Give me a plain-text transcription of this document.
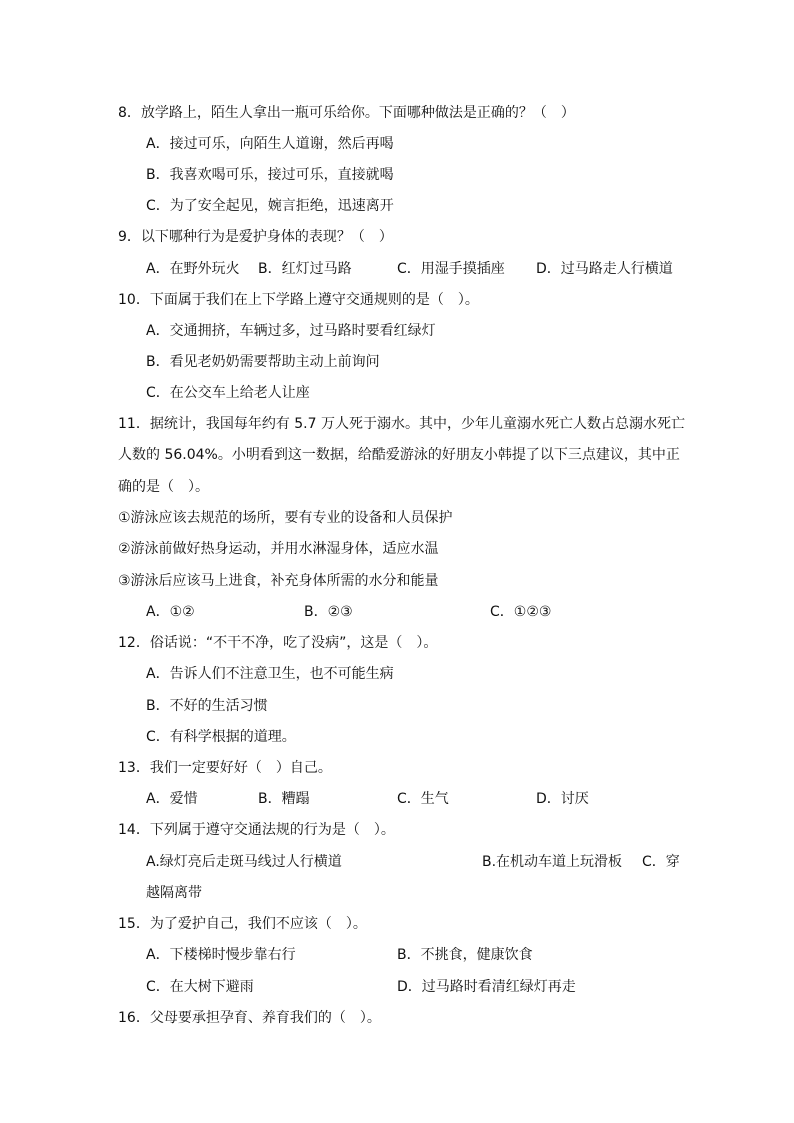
8．放学路上，陌生人拿出一瓶可乐给你。下面哪种做法是正确的？（　）
A．接过可乐，向陌生人道谢，然后再喝
B．我喜欢喝可乐，接过可乐，直接就喝
C．为了安全起见，婉言拒绝，迅速离开
9．以下哪种行为是爱护身体的表现？（　）
A．在野外玩火 B．红灯过马路	C．用湿手摸插座 D．过马路走人行横道
10．下面属于我们在上下学路上遵守交通规则的是（　）。
A．交通拥挤，车辆过多，过马路时要看红绿灯
B．看见老奶奶需要帮助主动上前询问
C．在公交车上给老人让座
11．据统计，我国每年约有 5.7 万人死于溺水。其中，少年儿童溺水死亡人数占总溺水死亡
人数的 56.04%。小明看到这一数据，给酷爱游泳的好朋友小韩提了以下三点建议，其中正
确的是（　）。
①游泳应该去规范的场所，要有专业的设备和人员保护
②游泳前做好热身运动，并用水淋湿身体，适应水温
③游泳后应该马上进食，补充身体所需的水分和能量
A．①②	B．②③	C．①②③
12．俗话说：“不干不净，吃了没病”，这是（　）。
A．告诉人们不注意卫生，也不可能生病
B．不好的生活习惯
C．有科学根据的道理。
13．我们一定要好好（　）自己。
A．爱惜	B．糟蹋	C．生气	D．讨厌
14．下列属于遵守交通法规的行为是（　）。
A.绿灯亮后走斑马线过人行横道	B.在机动车道上玩滑板 C．穿
越隔离带
15．为了爱护自己，我们不应该（　）。
A．下楼梯时慢步靠右行	B．不挑食，健康饮食
C．在大树下避雨	D．过马路时看清红绿灯再走
16．父母要承担孕育、养育我们的（　）。
